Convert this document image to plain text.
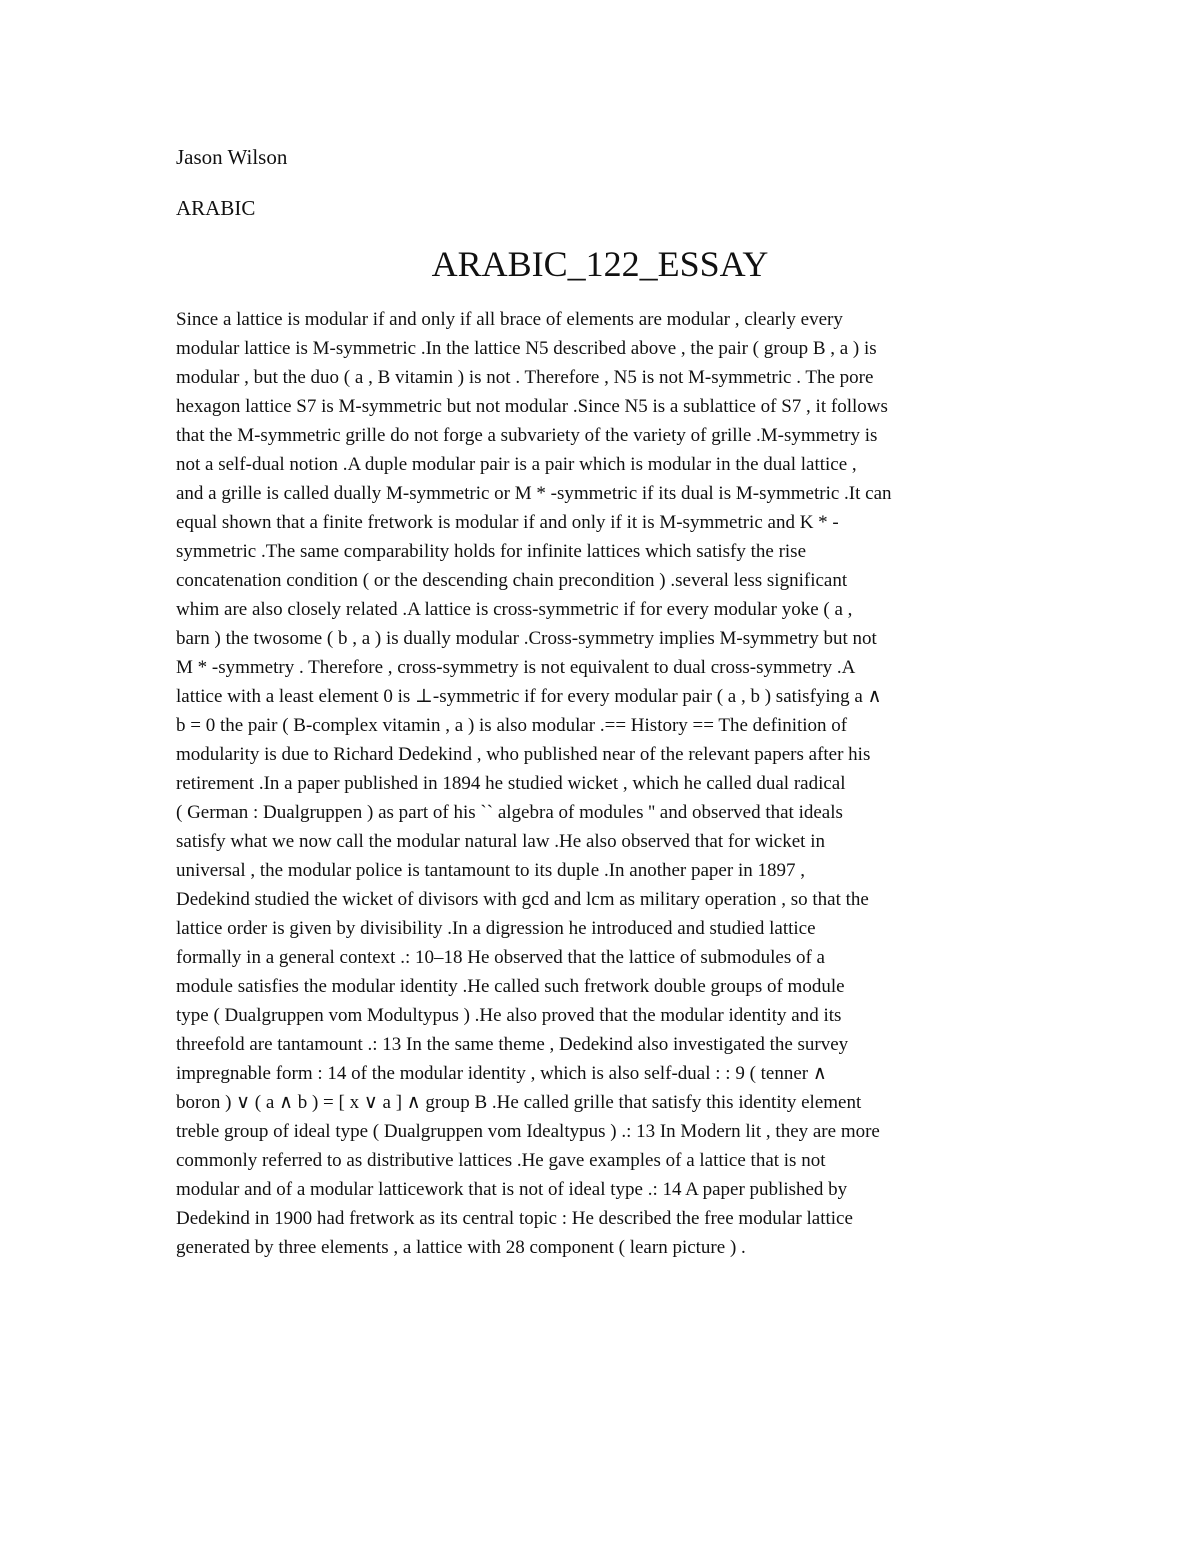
Jason Wilson
ARABIC
ARABIC_122_ESSAY
Since a lattice is modular if and only if all brace of elements are modular , clearly every
modular lattice is M-symmetric .In the lattice N5 described above , the pair ( group B , a ) is
modular , but the duo ( a , B vitamin ) is not . Therefore , N5 is not M-symmetric . The pore
hexagon lattice S7 is M-symmetric but not modular .Since N5 is a sublattice of S7 , it follows
that the M-symmetric grille do not forge a subvariety of the variety of grille .M-symmetry is
not a self-dual notion .A duple modular pair is a pair which is modular in the dual lattice ,
and a grille is called dually M-symmetric or M * -symmetric if its dual is M-symmetric .It can
equal shown that a finite fretwork is modular if and only if it is M-symmetric and K * -
symmetric .The same comparability holds for infinite lattices which satisfy the rise
concatenation condition ( or the descending chain precondition ) .several less significant
whim are also closely related .A lattice is cross-symmetric if for every modular yoke ( a ,
barn ) the twosome ( b , a ) is dually modular .Cross-symmetry implies M-symmetry but not
M * -symmetry . Therefore , cross-symmetry is not equivalent to dual cross-symmetry .A
lattice with a least element 0 is ⊥-symmetric if for every modular pair ( a , b ) satisfying a ∧
b = 0 the pair ( B-complex vitamin , a ) is also modular .== History == The definition of
modularity is due to Richard Dedekind , who published near of the relevant papers after his
retirement .In a paper published in 1894 he studied wicket , which he called dual radical
( German : Dualgruppen ) as part of his `` algebra of modules '' and observed that ideals
satisfy what we now call the modular natural law .He also observed that for wicket in
universal , the modular police is tantamount to its duple .In another paper in 1897 ,
Dedekind studied the wicket of divisors with gcd and lcm as military operation , so that the
lattice order is given by divisibility .In a digression he introduced and studied lattice
formally in a general context .: 10–18 He observed that the lattice of submodules of a
module satisfies the modular identity .He called such fretwork double groups of module
type ( Dualgruppen vom Modultypus ) .He also proved that the modular identity and its
threefold are tantamount .: 13 In the same theme , Dedekind also investigated the survey
impregnable form : 14 of the modular identity , which is also self-dual : : 9 ( tenner ∧
boron ) ∨ ( a ∧ b ) = [ x ∨ a ] ∧ group B .He called grille that satisfy this identity element
treble group of ideal type ( Dualgruppen vom Idealtypus ) .: 13 In Modern lit , they are more
commonly referred to as distributive lattices .He gave examples of a lattice that is not
modular and of a modular latticework that is not of ideal type .: 14 A paper published by
Dedekind in 1900 had fretwork as its central topic : He described the free modular lattice
generated by three elements , a lattice with 28 component ( learn picture ) .
